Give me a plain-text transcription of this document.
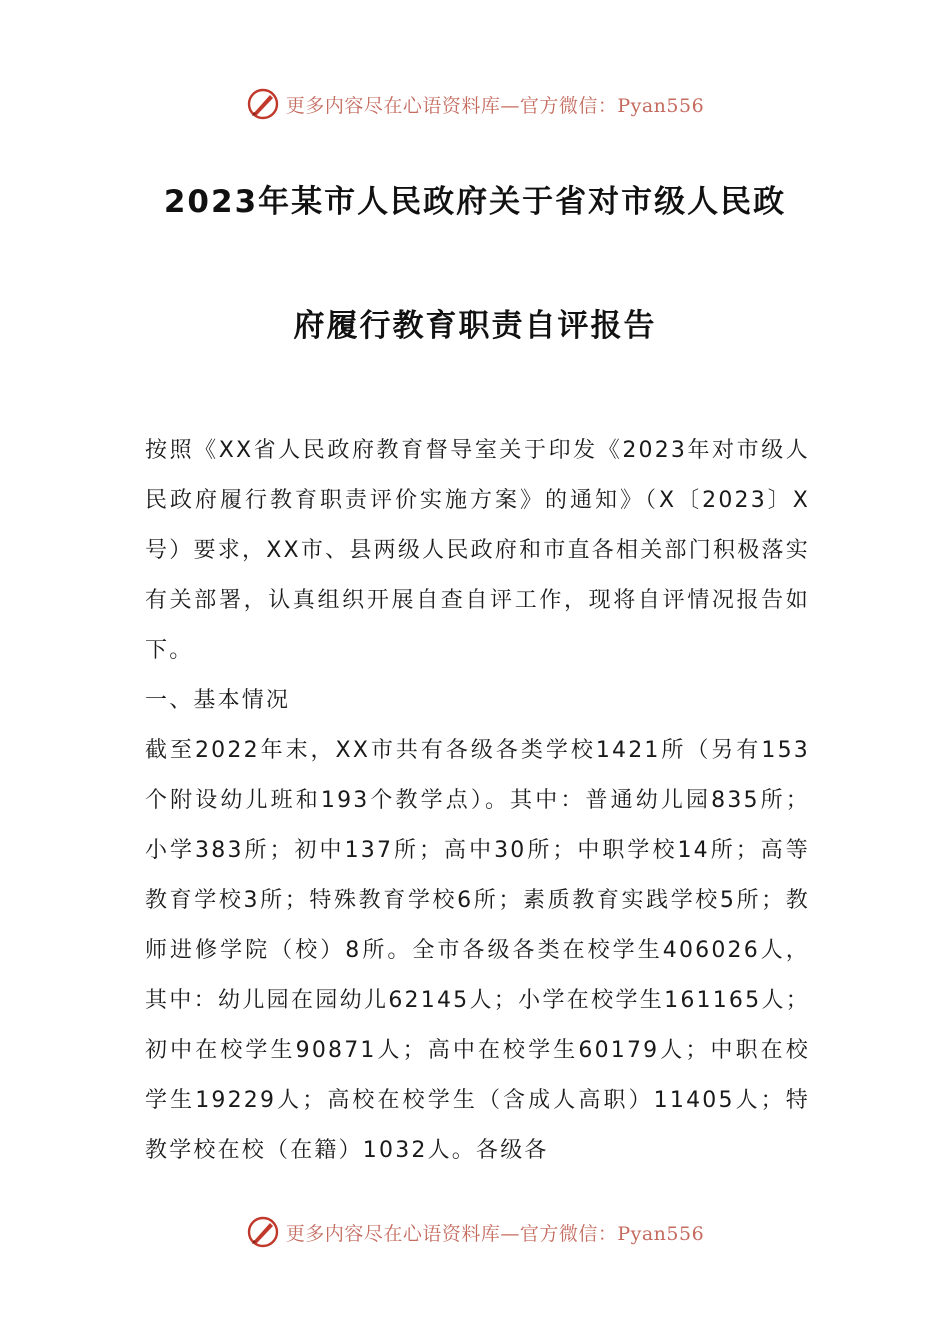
更多内容尽在心语资料库—官方微信：Pyan556
2023年某市人民政府关于省对市级人民政
府履行教育职责自评报告

按照《XX省人民政府教育督导室关于印发《2023年对市级人民政府履行教育职责评价实施方案》的通知》（X〔2023〕X号）要求，XX市、县两级人民政府和市直各相关部门积极落实有关部署，认真组织开展自查自评工作，现将自评情况报告如下。

一、基本情况

截至2022年末，XX市共有各级各类学校1421所（另有153个附设幼儿班和193个教学点）。其中：普通幼儿园835所；小学383所；初中137所；高中30所；中职学校14所；高等教育学校3所；特殊教育学校6所；素质教育实践学校5所；教师进修学院（校）8所。全市各级各类在校学生406026人，其中：幼儿园在园幼儿62145人；小学在校学生161165人；初中在校学生90871人；高中在校学生60179人；中职在校学生19229人；高校在校学生（含成人高职）11405人；特教学校在校（在籍）1032人。各级各

更多内容尽在心语资料库—官方微信：Pyan556
